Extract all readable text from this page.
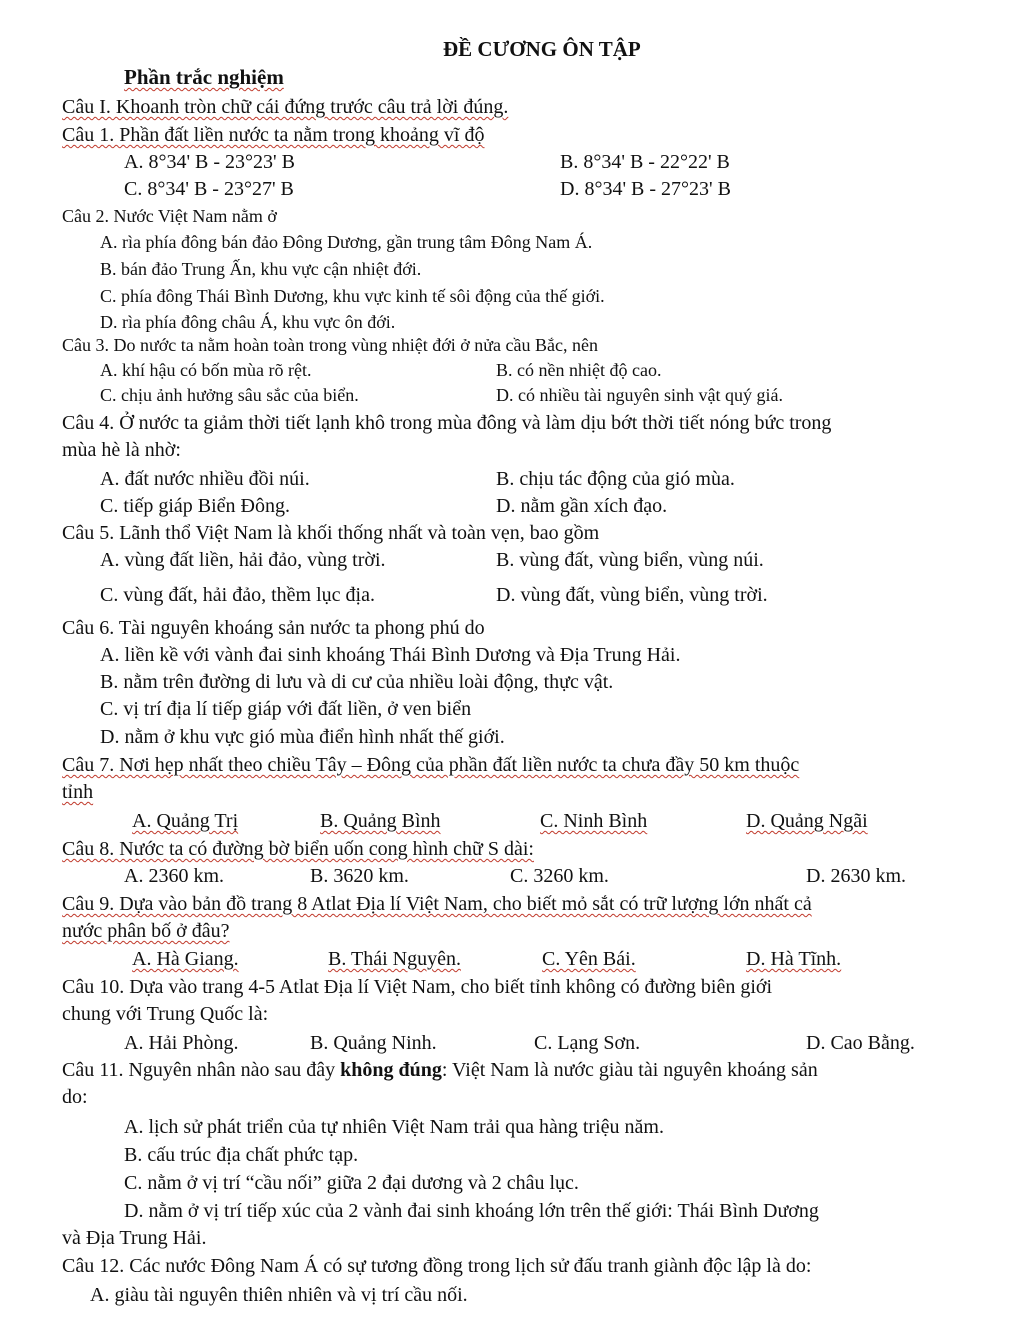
ĐỀ CƯƠNG ÔN TẬP
Phần trắc nghiệm
Câu I. Khoanh tròn chữ cái đứng trước câu trả lời đúng.
Câu 1. Phần đất liền nước ta nằm trong khoảng vĩ độ
A. 8°34' B - 23°23' B	B. 8°34' B - 22°22' B
C. 8°34' B - 23°27' B	D. 8°34' B - 27°23' B
Câu 2. Nước Việt Nam nằm ở
A. rìa phía đông bán đảo Đông Dương, gần trung tâm Đông Nam Á.
B. bán đảo Trung Ấn, khu vực cận nhiệt đới.
C. phía đông Thái Bình Dương, khu vực kinh tế sôi động của thế giới.
D. rìa phía đông châu Á, khu vực ôn đới.
Câu 3. Do nước ta nằm hoàn toàn trong vùng nhiệt đới ở nửa cầu Bắc, nên
A. khí hậu có bốn mùa rõ rệt.	B. có nền nhiệt độ cao.
C. chịu ảnh hưởng sâu sắc của biển.	D. có nhiều tài nguyên sinh vật quý giá.
Câu 4. Ở nước ta giảm thời tiết lạnh khô trong mùa đông và làm dịu bớt thời tiết nóng bức trong
mùa hè là nhờ:
A. đất nước nhiều đồi núi.	B. chịu tác động của gió mùa.
C. tiếp giáp Biển Đông.	D. nằm gần xích đạo.
Câu 5. Lãnh thổ Việt Nam là khối thống nhất và toàn vẹn, bao gồm
A. vùng đất liền, hải đảo, vùng trời.	B. vùng đất, vùng biển, vùng núi.
C. vùng đất, hải đảo, thềm lục địa.	D. vùng đất, vùng biển, vùng trời.
Câu 6. Tài nguyên khoáng sản nước ta phong phú do
A. liền kề với vành đai sinh khoáng Thái Bình Dương và Địa Trung Hải.
B. nằm trên đường di lưu và di cư của nhiều loài động, thực vật.
C. vị trí địa lí tiếp giáp với đất liền, ở ven biển
D. nằm ở khu vực gió mùa điển hình nhất thế giới.
Câu 7. Nơi hẹp nhất theo chiều Tây – Đông của phần đất liền nước ta chưa đầy 50 km thuộc
tỉnh
A. Quảng Trị	B. Quảng Bình	C. Ninh Bình	D. Quảng Ngãi
Câu 8. Nước ta có đường bờ biển uốn cong hình chữ S dài:
A. 2360 km.	B. 3620 km.	C. 3260 km.	D. 2630 km.
Câu 9. Dựa vào bản đồ trang 8 Atlat Địa lí Việt Nam, cho biết mỏ sắt có trữ lượng lớn nhất cả
nước phân bố ở đâu?
A. Hà Giang.	B. Thái Nguyên.	C. Yên Bái.	D. Hà Tĩnh.
Câu 10. Dựa vào trang 4-5 Atlat Địa lí Việt Nam, cho biết tỉnh không có đường biên giới
chung với Trung Quốc là:
A. Hải Phòng.	B. Quảng Ninh.	C. Lạng Sơn.	D. Cao Bằng.
Câu 11. Nguyên nhân nào sau đây không đúng: Việt Nam là nước giàu tài nguyên khoáng sản
do:
A. lịch sử phát triển của tự nhiên Việt Nam trải qua hàng triệu năm.
B. cấu trúc địa chất phức tạp.
C. nằm ở vị trí “cầu nối” giữa 2 đại dương và 2 châu lục.
D. nằm ở vị trí tiếp xúc của 2 vành đai sinh khoáng lớn trên thế giới: Thái Bình Dương
và Địa Trung Hải.
Câu 12. Các nước Đông Nam Á có sự tương đồng trong lịch sử đấu tranh giành độc lập là do:
A. giàu tài nguyên thiên nhiên và vị trí cầu nối.
